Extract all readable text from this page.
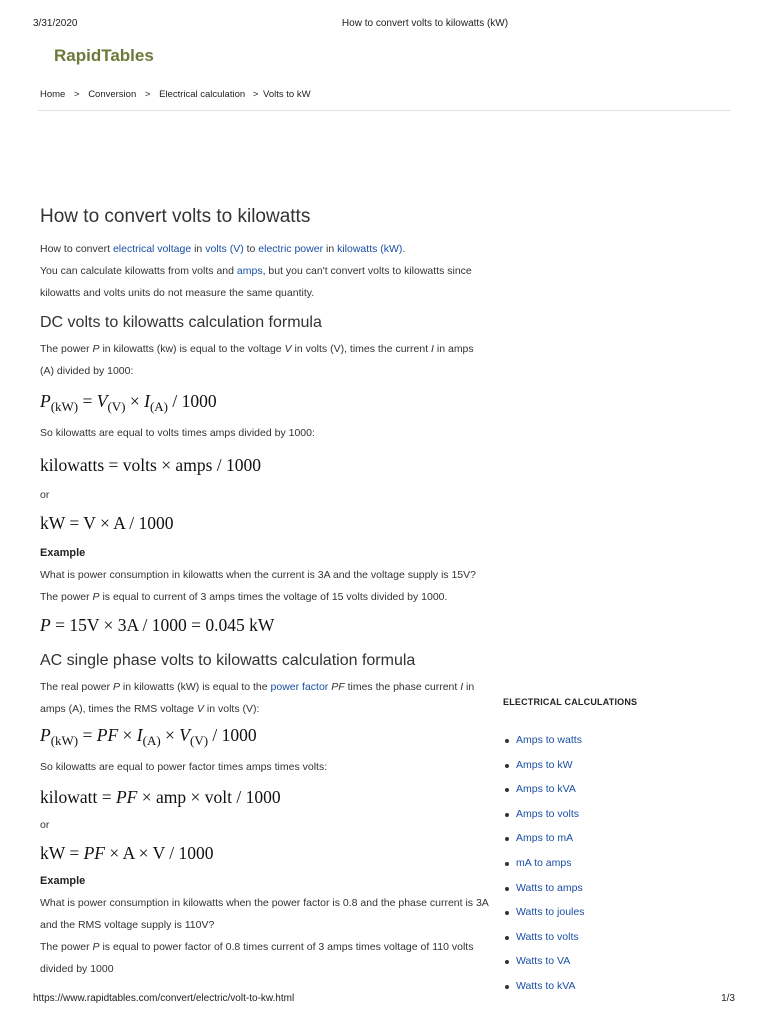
3/31/2020	How to convert volts to kilowatts (kW)
RapidTables
Home > Conversion > Electrical calculation > Volts to kW
How to convert volts to kilowatts

How to convert electrical voltage in volts (V) to electric power in kilowatts (kW).

You can calculate kilowatts from volts and amps, but you can't convert volts to kilowatts since kilowatts and volts units do not measure the same quantity.

DC volts to kilowatts calculation formula

The power P in kilowatts (kw) is equal to the voltage V in volts (V), times the current I in amps (A) divided by 1000:

$P_{(kW)} = V_{(V)} \times I_{(A)} / 1000$

So kilowatts are equal to volts times amps divided by 1000:

kilowatts = volts × amps / 1000

or

kW = V × A / 1000
Example

What is power consumption in kilowatts when the current is 3A and the voltage supply is 15V?

The power P is equal to current of 3 amps times the voltage of 15 volts divided by 1000.

P = 15V × 3A / 1000 = 0.045 kW
AC single phase volts to kilowatts calculation formula

The real power P in kilowatts (kW) is equal to the power factor PF times the phase current I in amps (A), times the RMS voltage V in volts (V):

$P_{(kW)}$ = PF × $I_{(A)} \times V_{(V)} / 1000$

So kilowatts are equal to power factor times amps times volts:

kilowatt = PF × amp × volt / 1000

or

kW = PF × A × V / 1000
Example

What is power consumption in kilowatts when the power factor is 0.8 and the phase current is 3A and the RMS voltage supply is 110V?

The power P is equal to power factor of 0.8 times current of 3 amps times voltage of 110 volts divided by 1000

ELECTRICAL CALCULATIONS
Amps to watts
Amps to kW
Amps to kVA
Amps to volts
Amps to mA
mA to amps
Watts to amps
Watts to joules
Watts to volts
Watts to VA
Watts to kVA
https://www.rapidtables.com/convert/electric/volt-to-kw.html	1/3
